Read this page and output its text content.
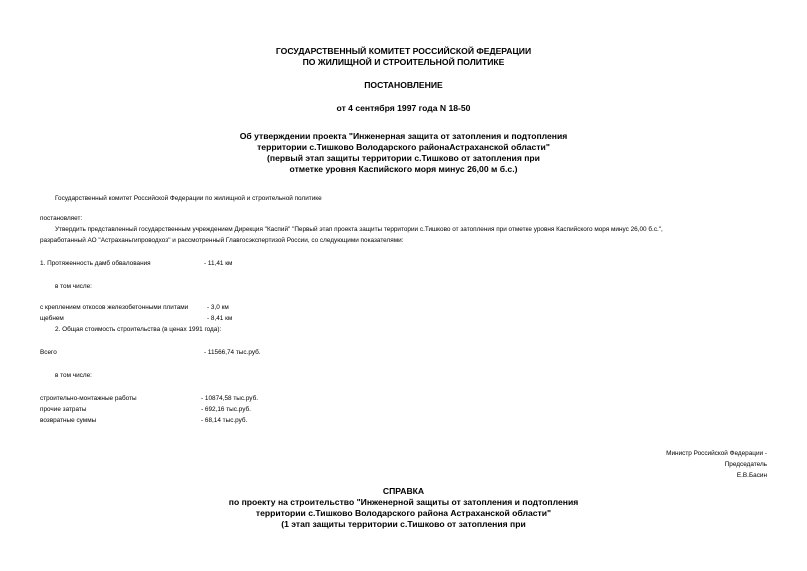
ГОСУДАРСТВЕННЫЙ КОМИТЕТ РОССИЙСКОЙ ФЕДЕРАЦИИ
ПО ЖИЛИЩНОЙ И СТРОИТЕЛЬНОЙ ПОЛИТИКЕ
ПОСТАНОВЛЕНИЕ
от 4 сентября 1997 года N 18-50
Об утверждении проекта "Инженерная защита от затопления и подтопления
территории с.Тишково Володарского районаАстраханской области"
(первый этап защиты территории с.Тишково от затопления при
отметке уровня Каспийского моря минус 26,00 м б.с.)
Государственный комитет Российской Федерации по жилищной и строительной политике
постановляет:
Утвердить представленный государственным учреждением Дирекция "Каспий" "Первый этап проекта защиты территории с.Тишково от затопления при отметке уровня Каспийского моря минус 26,00 б.с.",
разработанный АО "Астраханьгипроводхоз" и рассмотренный Главгосэкспертизой России, со следующими показателями:
1. Протяженность дамб обвалования	- 11,41 км
в том числе:
с креплением откосов железобетонными плитами	- 3,0 км
щебнем	- 8,41 км
2. Общая стоимость строительства (в ценах 1991 года):
Всего	- 11566,74 тыс.руб.
в том числе:
строительно-монтажные работы	- 10874,58 тыс.руб.
прочие затраты	- 692,16 тыс.руб.
возвратные суммы	- 68,14 тыс.руб.
Министр Российской Федерации -
Председатель
Е.В.Басин
СПРАВКА
по проекту на строительство "Инженерной защиты от затопления и подтопления
территории с.Тишково Володарского района Астраханской области"
(1 этап защиты территории с.Тишково от затопления при
